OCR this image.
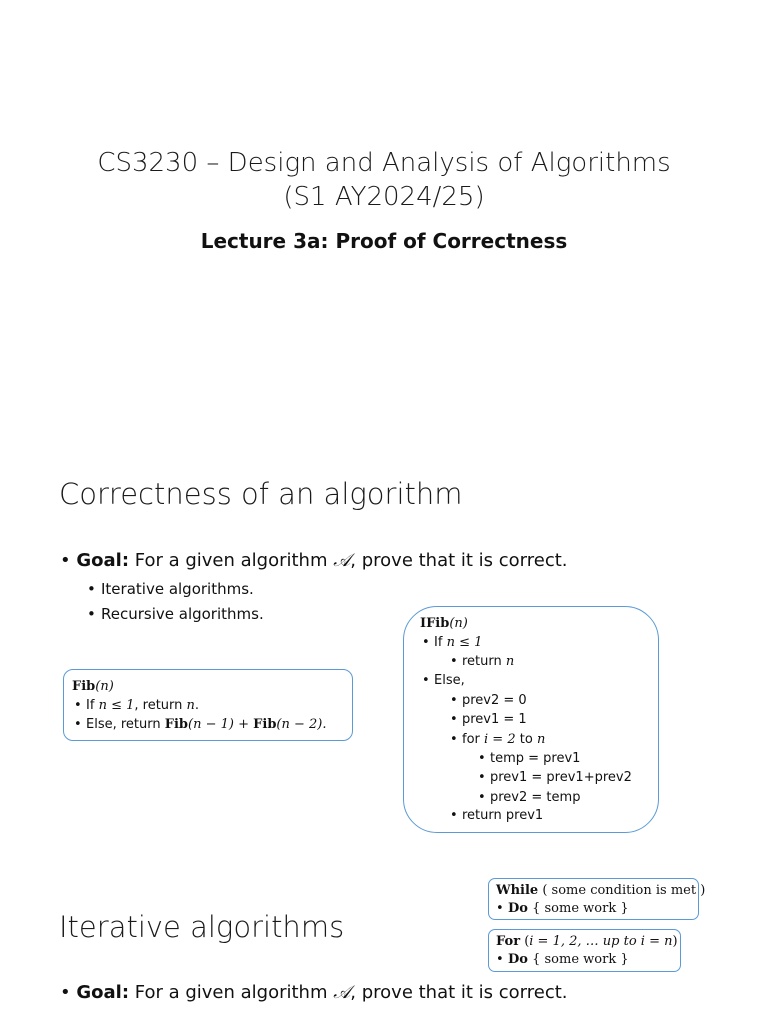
CS3230 – Design and Analysis of Algorithms
(S1 AY2024/25)
Lecture 3a: Proof of Correctness
Correctness of an algorithm
• Goal: For a given algorithm 𝒜, prove that it is correct.
• Iterative algorithms.
• Recursive algorithms.
Fib(n)
• If n ≤ 1, return n.
• Else, return Fib(n − 1) + Fib(n − 2).
IFib(n)
• If n ≤ 1
• return n
• Else,
• prev2 = 0
• prev1 = 1
• for i = 2 to n
• temp = prev1
• prev1 = prev1+prev2
• prev2 = temp
• return prev1
While ( some condition is met )
• Do { some work }
For (i = 1, 2, … up to i = n)
• Do { some work }
Iterative algorithms
• Goal: For a given algorithm 𝒜, prove that it is correct.
